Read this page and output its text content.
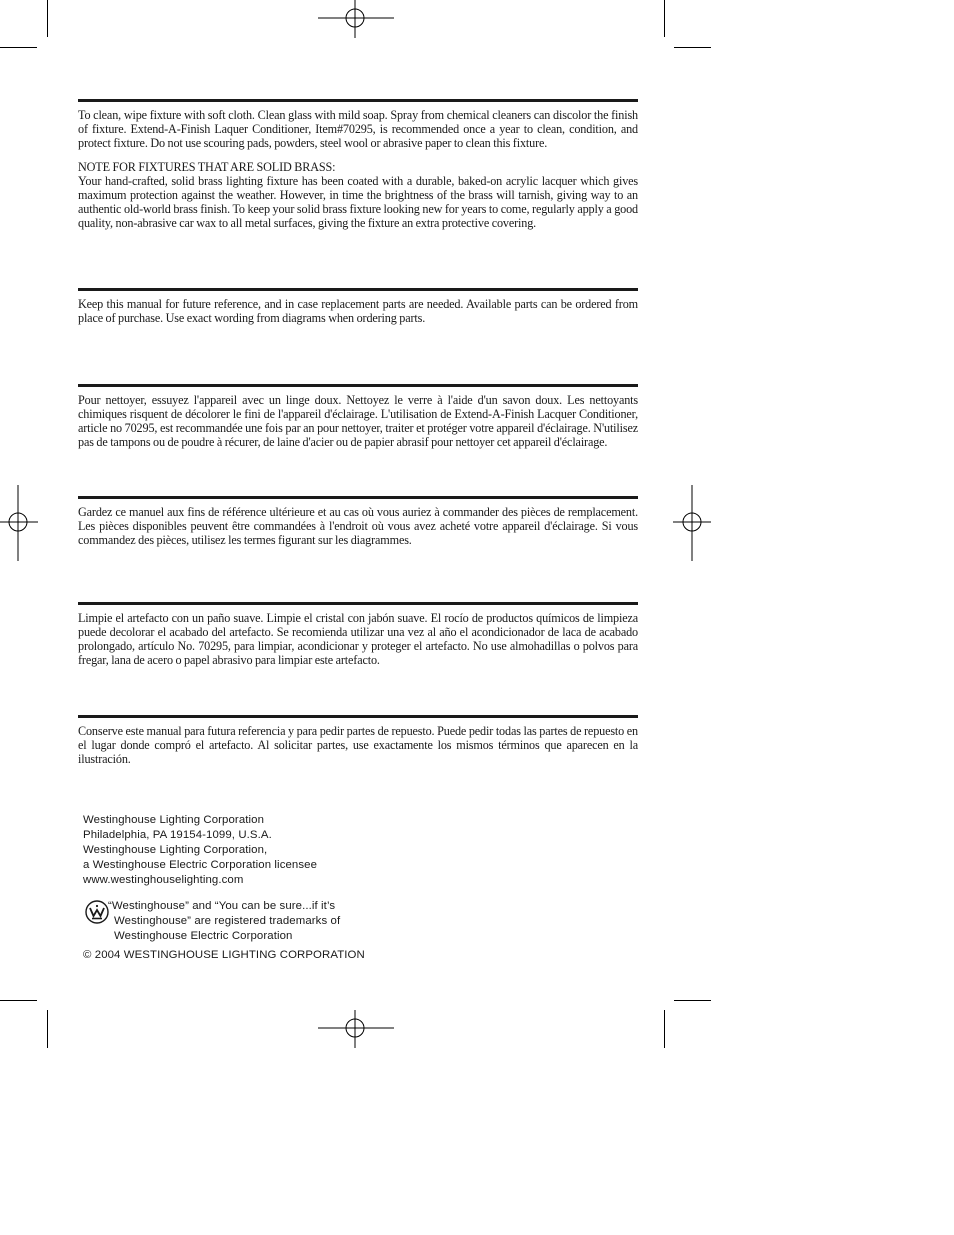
To clean, wipe fixture with soft cloth. Clean glass with mild soap. Spray from chemical cleaners can discolor the finish of fixture. Extend-A-Finish Laquer Conditioner, Item#70295, is recommended once a year to clean, condition, and protect fixture. Do not use scouring pads, powders, steel wool or abrasive paper to clean this fixture.

NOTE FOR FIXTURES THAT ARE SOLID BRASS:

Your hand-crafted, solid brass lighting fixture has been coated with a durable, baked-on acrylic lacquer which gives maximum protection against the weather. However, in time the brightness of the brass will tarnish, giving way to an authentic old-world brass finish. To keep your solid brass fixture looking new for years to come, regularly apply a good quality, non-abrasive car wax to all metal surfaces, giving the fixture an extra protective covering.

Keep this manual for future reference, and in case replacement parts are needed. Available parts can be ordered from place of purchase. Use exact wording from diagrams when ordering parts.

Pour nettoyer, essuyez l'appareil avec un linge doux. Nettoyez le verre à l'aide d'un savon doux. Les nettoyants chimiques risquent de décolorer le fini de l'appareil d'éclairage. L'utilisation de Extend-A-Finish Lacquer Conditioner, article no 70295, est recommandée une fois par an pour nettoyer, traiter et protéger votre appareil d'éclairage. N'utilisez pas de tampons ou de poudre à récurer, de laine d'acier ou de papier abrasif pour nettoyer cet appareil d'éclairage.

Gardez ce manuel aux fins de référence ultérieure et au cas où vous auriez à commander des pièces de remplacement. Les pièces disponibles peuvent être commandées à l'endroit où vous avez acheté votre appareil d'éclairage. Si vous commandez des pièces, utilisez les termes figurant sur les diagrammes.

Limpie el artefacto con un paño suave. Limpie el cristal con jabón suave. El rocío de productos químicos de limpieza puede decolorar el acabado del artefacto. Se recomienda utilizar una vez al año el acondicionador de laca de acabado prolongado, artículo No. 70295, para limpiar, acondicionar y proteger el artefacto. No use almohadillas o polvos para fregar, lana de acero o papel abrasivo para limpiar este artefacto.

Conserve este manual para futura referencia y para pedir partes de repuesto. Puede pedir todas las partes de repuesto en el lugar donde compró el artefacto. Al solicitar partes, use exactamente los mismos términos que aparecen en la ilustración.

Westinghouse Lighting Corporation
Philadelphia, PA 19154-1099, U.S.A.
Westinghouse Lighting Corporation,
a Westinghouse Electric Corporation licensee
www.westinghouselighting.com
“Westinghouse” and “You can be sure...if it’s
Westinghouse” are registered trademarks of
Westinghouse Electric Corporation
© 2004 WESTINGHOUSE LIGHTING CORPORATION
